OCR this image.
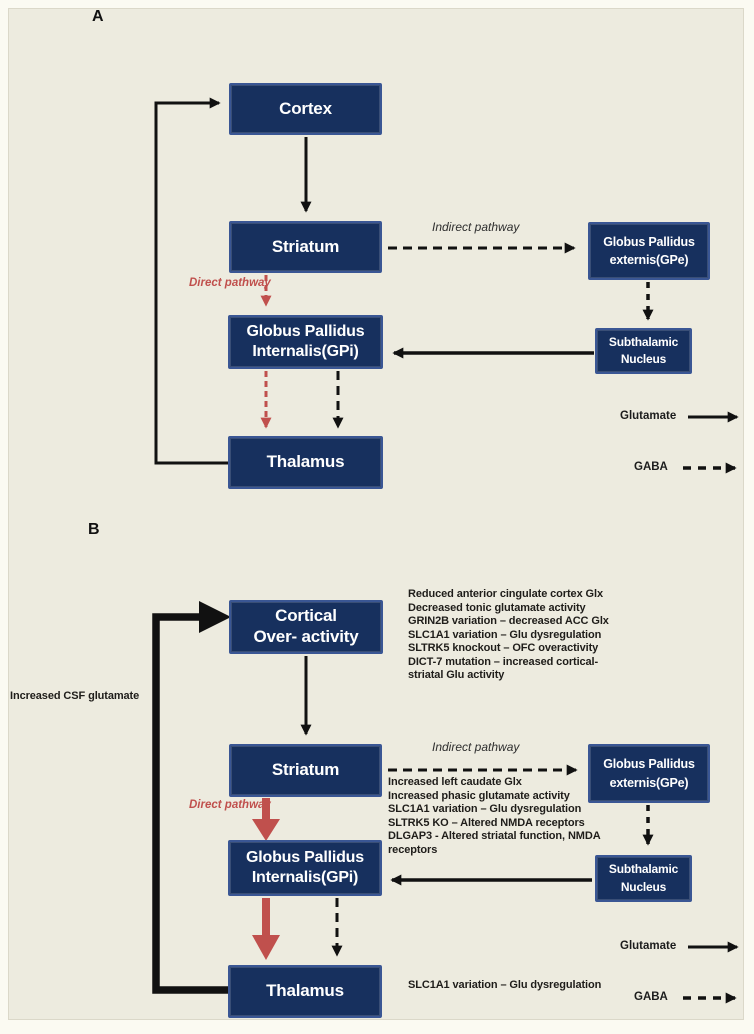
A
Cortex
Striatum
Globus Pallidus
Internalis(GPi)
Thalamus
Globus Pallidus
externis(GPe)
Subthalamic
Nucleus
Indirect pathway
Direct pathway
Glutamate
GABA
B
Cortical
Over- activity
Striatum
Globus Pallidus
Internalis(GPi)
Thalamus
Globus Pallidus
externis(GPe)
Subthalamic
Nucleus
Indirect pathway
Direct pathway
Increased CSF glutamate
Reduced anterior cingulate cortex Glx
Decreased tonic glutamate activity
GRIN2B variation – decreased ACC Glx
SLC1A1 variation – Glu dysregulation
SLTRK5 knockout – OFC overactivity
DICT-7 mutation – increased cortical-
striatal Glu activity
Increased left caudate Glx
Increased phasic glutamate activity
SLC1A1 variation – Glu dysregulation
SLTRK5 KO – Altered NMDA receptors
DLGAP3 - Altered striatal function, NMDA
receptors
SLC1A1 variation – Glu dysregulation
Glutamate
GABA
